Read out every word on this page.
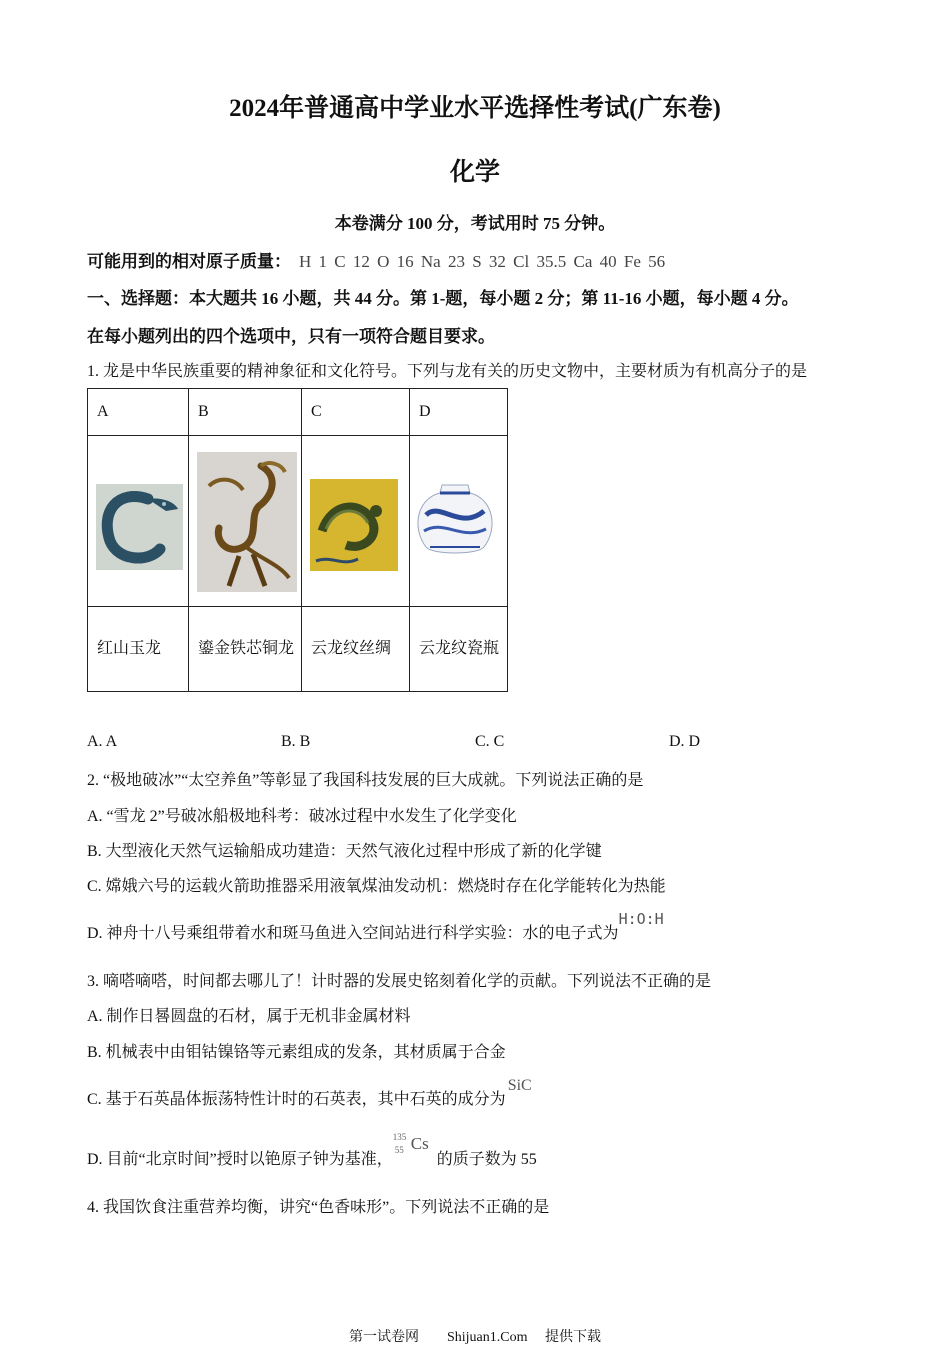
2024年普通高中学业水平选择性考试(广东卷)
化学
本卷满分 100 分，考试用时 75 分钟。
可能用到的相对原子质量： H 1 C 12 O 16 Na 23 S 32 Cl 35.5 Ca 40 Fe 56
一、选择题：本大题共 16 小题，共 44 分。第 1-题，每小题 2 分；第 11-16 小题，每小题 4 分。
在每小题列出的四个选项中，只有一项符合题目要求。
1. 龙是中华民族重要的精神象征和文化符号。下列与龙有关的历史文物中，主要材质为有机高分子的是
A	B	C	D

红山玉龙	鎏金铁芯铜龙	云龙纹丝绸	云龙纹瓷瓶
A. A	B. B	C. C	D. D
2. “极地破冰”“太空养鱼”等彰显了我国科技发展的巨大成就。下列说法正确的是
A. “雪龙 2”号破冰船极地科考：破冰过程中水发生了化学变化
B. 大型液化天然气运输船成功建造：天然气液化过程中形成了新的化学键
C. 嫦娥六号的运载火箭助推器采用液氧煤油发动机：燃烧时存在化学能转化为热能
D. 神舟十八号乘组带着水和斑马鱼进入空间站进行科学实验：水的电子式为H:O:H
3. 嘀嗒嘀嗒，时间都去哪儿了！计时器的发展史铭刻着化学的贡献。下列说法不正确的是
A. 制作日晷圆盘的石材，属于无机非金属材料
B. 机械表中由钼钴镍铬等元素组成的发条，其材质属于合金
C. 基于石英晶体振荡特性计时的石英表，其中石英的成分为SiC
D. 目前“北京时间”授时以铯原子钟为基准，
135
55 Cs
的质子数为 55
4. 我国饮食注重营养均衡，讲究“色香味形”。下列说法不正确的是
第一试卷网　　Shijuan1.Com　 提供下载
